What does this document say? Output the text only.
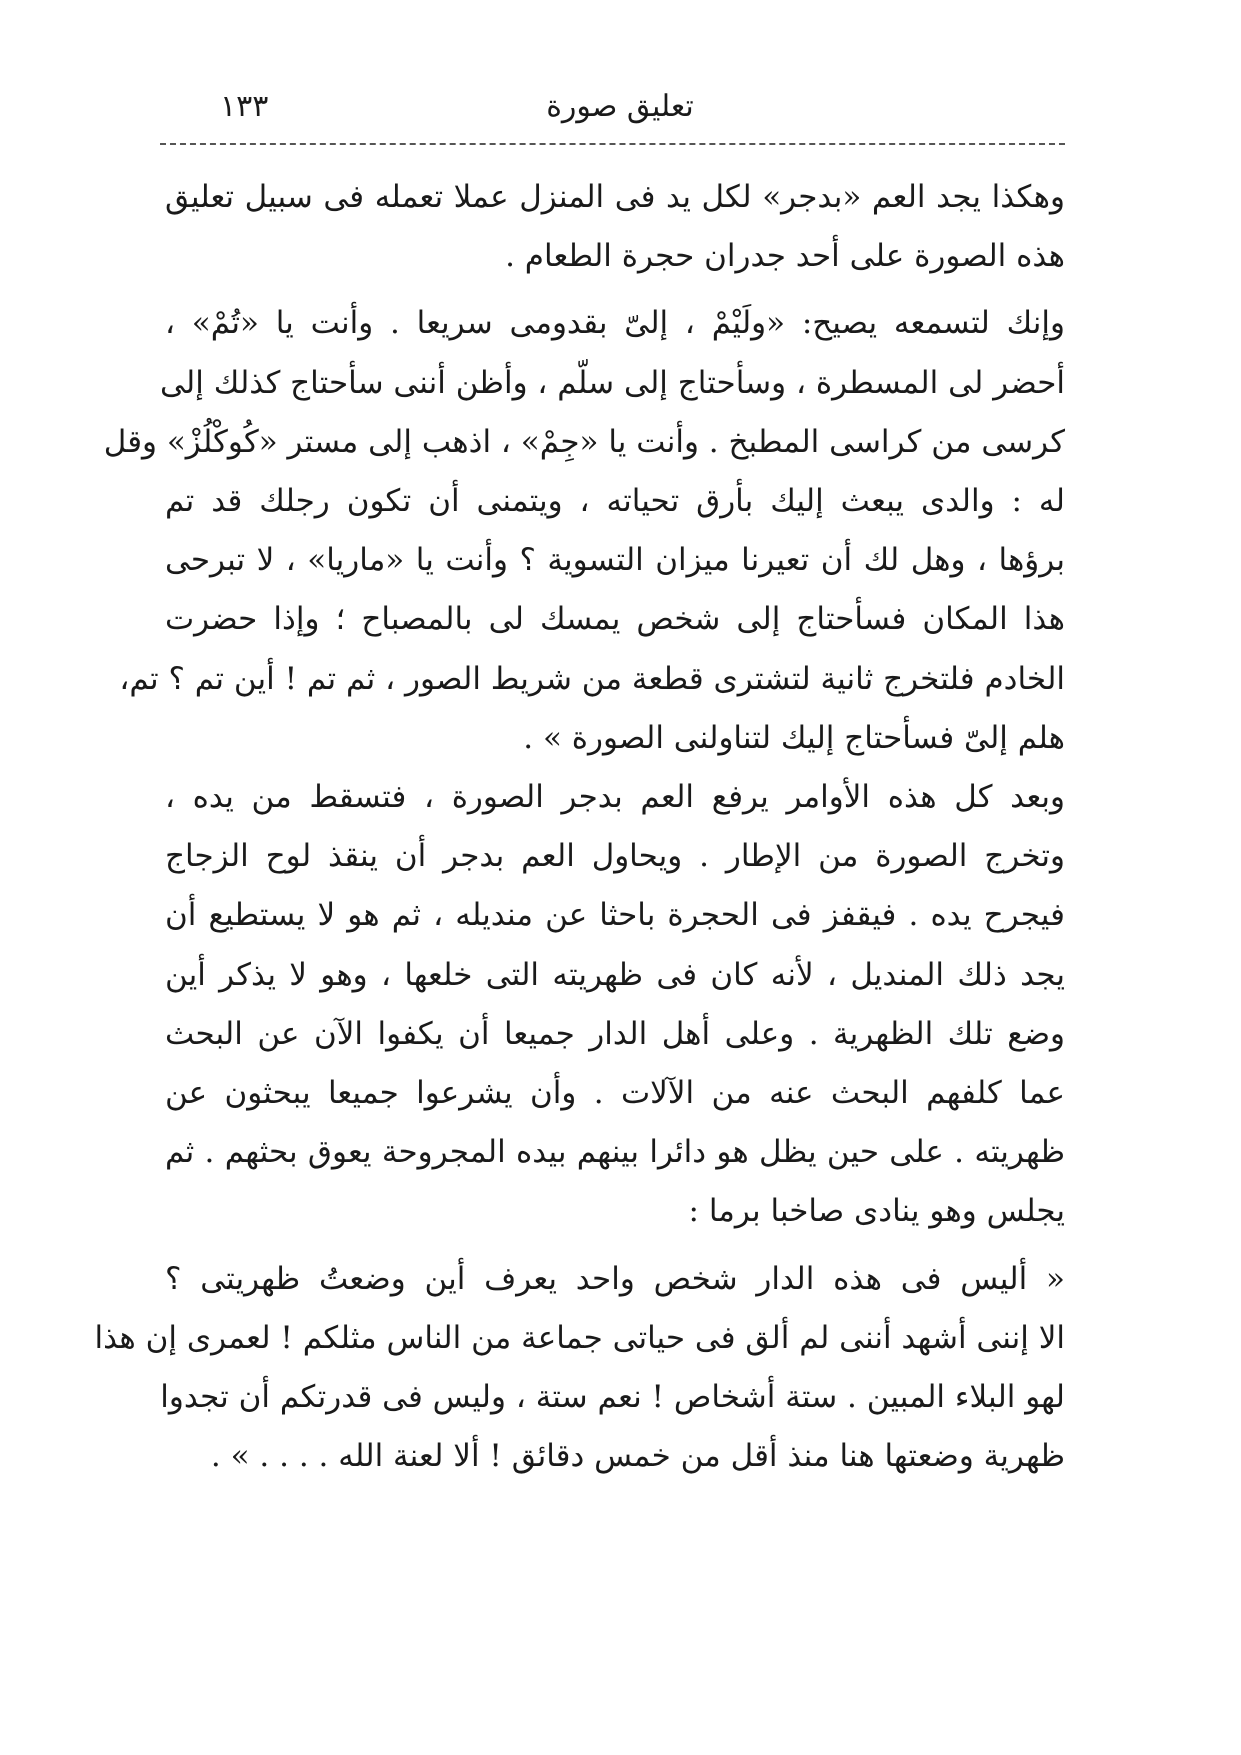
تعليق صورة
١٣٣

وهكذا يجد العم «بدجر» لكل يد فى المنزل عملا تعمله فى سبيل تعليق
هذه الصورة على أحد جدران حجرة الطعام .

وإنك لتسمعه يصيح: «ولَيْمْ ، إلىّ بقدومى سريعا . وأنت يا «تُمْ» ،
أحضر لى المسطرة ، وسأحتاج إلى سلّم ، وأظن أننى سأحتاج كذلك إلى
كرسى من كراسى المطبخ . وأنت يا «جِمْ» ، اذهب إلى مستر «كُوكْلُزْ» وقل
له : والدى يبعث إليك بأرق تحياته ، ويتمنى أن تكون رجلك قد تم
برؤها ، وهل لك أن تعيرنا ميزان التسوية ؟ وأنت يا «ماريا» ، لا تبرحى
هذا المكان فسأحتاج إلى شخص يمسك لى بالمصباح ؛ وإذا حضرت
الخادم فلتخرج ثانية لتشترى قطعة من شريط الصور ، ثم تم ! أين تم ؟ تم،
هلم إلىّ فسأحتاج إليك لتناولنى الصورة » .

وبعد كل هذه الأوامر يرفع العم بدجر الصورة ، فتسقط من يده ،
وتخرج الصورة من الإطار . ويحاول العم بدجر أن ينقذ لوح الزجاج
فيجرح يده . فيقفز فى الحجرة باحثا عن منديله ، ثم هو لا يستطيع أن
يجد ذلك المنديل ، لأنه كان فى ظهريته التى خلعها ، وهو لا يذكر أين
وضع تلك الظهرية . وعلى أهل الدار جميعا أن يكفوا الآن عن البحث
عما كلفهم البحث عنه من الآلات . وأن يشرعوا جميعا يبحثون عن
ظهريته . على حين يظل هو دائرا بينهم بيده المجروحة يعوق بحثهم . ثم
يجلس وهو ينادى صاخبا برما :

« أليس فى هذه الدار شخص واحد يعرف أين وضعتُ ظهريتى ؟
الا إننى أشهد أننى لم ألق فى حياتى جماعة من الناس مثلكم ! لعمرى إن هذا
لهو البلاء المبين . ستة أشخاص ! نعم ستة ، وليس فى قدرتكم أن تجدوا
ظهرية وضعتها هنا منذ أقل من خمس دقائق ! ألا لعنة الله . . . . » .
